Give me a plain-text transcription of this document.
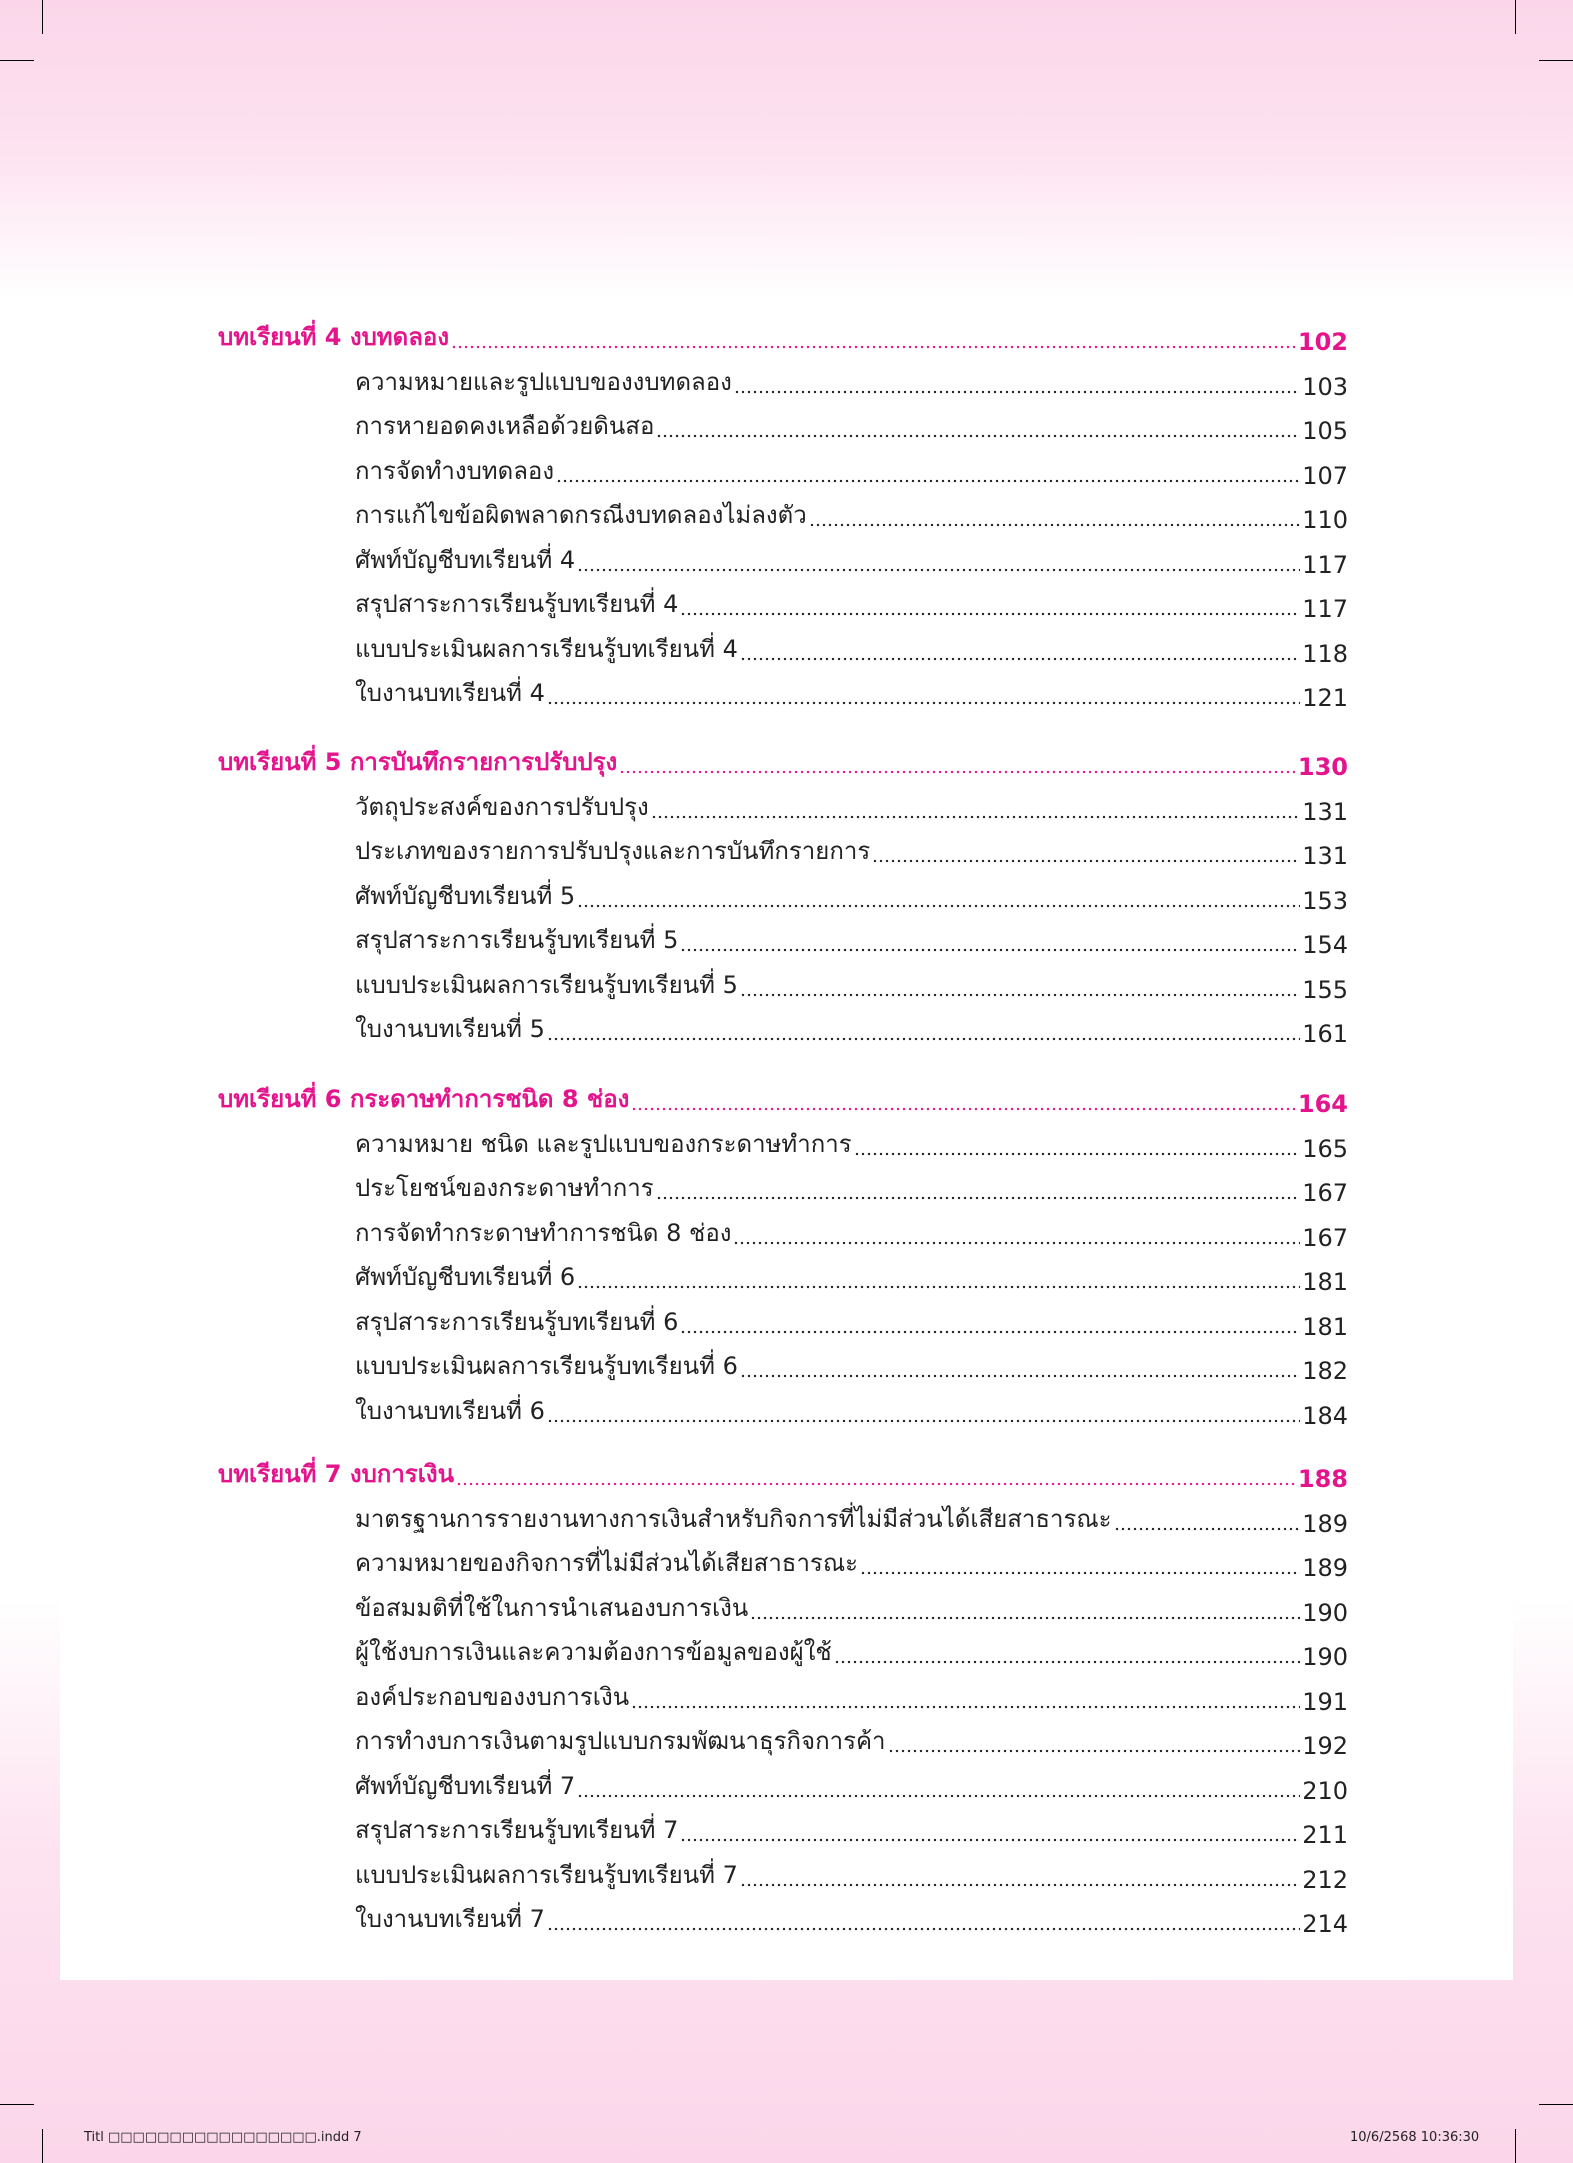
บทเรียนที่ 4 งบทดลอง	102
ความหมายและรูปแบบของงบทดลอง	103
การหายอดคงเหลือด้วยดินสอ	105
การจัดทำงบทดลอง	107
การแก้ไขข้อผิดพลาดกรณีงบทดลองไม่ลงตัว	110
ศัพท์บัญชีบทเรียนที่ 4	117
สรุปสาระการเรียนรู้บทเรียนที่ 4	117
แบบประเมินผลการเรียนรู้บทเรียนที่ 4	118
ใบงานบทเรียนที่ 4	121
บทเรียนที่ 5 การบันทึกรายการปรับปรุง	130
วัตถุประสงค์ของการปรับปรุง	131
ประเภทของรายการปรับปรุงและการบันทึกรายการ	131
ศัพท์บัญชีบทเรียนที่ 5	153
สรุปสาระการเรียนรู้บทเรียนที่ 5	154
แบบประเมินผลการเรียนรู้บทเรียนที่ 5	155
ใบงานบทเรียนที่ 5	161
บทเรียนที่ 6 กระดาษทำการชนิด 8 ช่อง	164
ความหมาย ชนิด และรูปแบบของกระดาษทำการ	165
ประโยชน์ของกระดาษทำการ	167
การจัดทำกระดาษทำการชนิด 8 ช่อง	167
ศัพท์บัญชีบทเรียนที่ 6	181
สรุปสาระการเรียนรู้บทเรียนที่ 6	181
แบบประเมินผลการเรียนรู้บทเรียนที่ 6	182
ใบงานบทเรียนที่ 6	184
บทเรียนที่ 7 งบการเงิน	188
มาตรฐานการรายงานทางการเงินสำหรับกิจการที่ไม่มีส่วนได้เสียสาธารณะ	189
ความหมายของกิจการที่ไม่มีส่วนได้เสียสาธารณะ	189
ข้อสมมติที่ใช้ในการนำเสนองบการเงิน	190
ผู้ใช้งบการเงินและความต้องการข้อมูลของผู้ใช้	190
องค์ประกอบของงบการเงิน	191
การทำงบการเงินตามรูปแบบกรมพัฒนาธุรกิจการค้า	192
ศัพท์บัญชีบทเรียนที่ 7	210
สรุปสาระการเรียนรู้บทเรียนที่ 7	211
แบบประเมินผลการเรียนรู้บทเรียนที่ 7	212
ใบงานบทเรียนที่ 7	214
Titl □□□□□□□□□□□□□□□□□.indd 7	10/6/2568 10:36:30
